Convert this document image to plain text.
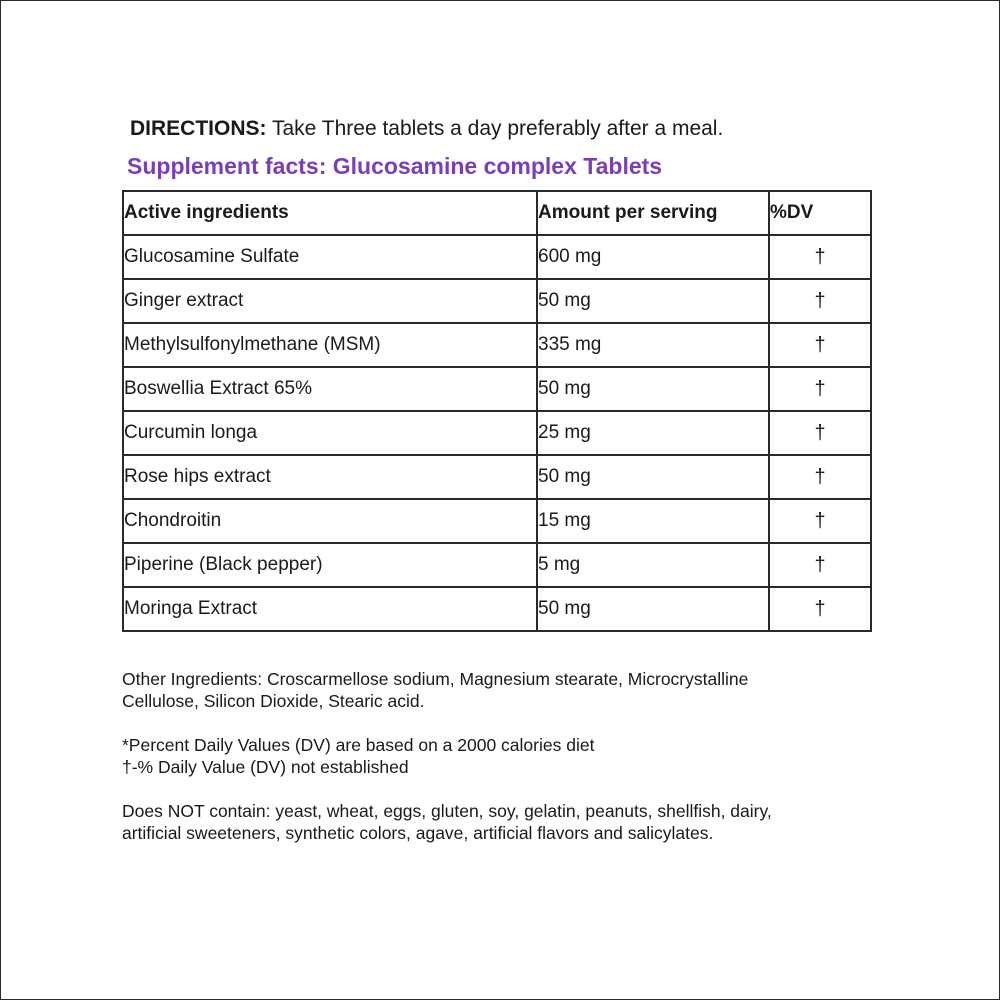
DIRECTIONS: Take Three tablets a day preferably after a meal.
Supplement facts: Glucosamine complex Tablets
Active ingredients	Amount per serving	%DV
Glucosamine Sulfate	600 mg	†
Ginger extract	50 mg	†
Methylsulfonylmethane (MSM)	335 mg	†
Boswellia Extract 65%	50 mg	†
Curcumin longa	25 mg	†
Rose hips extract	50 mg	†
Chondroitin	15 mg	†
Piperine (Black pepper)	5 mg	†
Moringa Extract	50 mg	†
Other Ingredients: Croscarmellose sodium, Magnesium stearate, Microcrystalline
Cellulose, Silicon Dioxide, Stearic acid.
*Percent Daily Values (DV) are based on a 2000 calories diet
†-% Daily Value (DV) not established
Does NOT contain: yeast, wheat, eggs, gluten, soy, gelatin, peanuts, shellfish, dairy,
artificial sweeteners, synthetic colors, agave, artificial flavors and salicylates.
